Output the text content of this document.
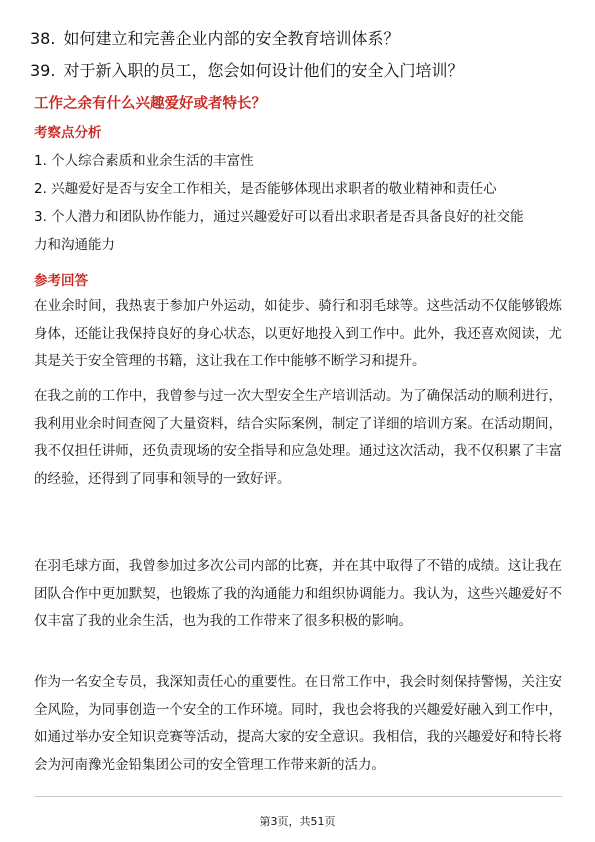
38. 如何建立和完善企业内部的安全教育培训体系？
39. 对于新入职的员工，您会如何设计他们的安全入门培训？
工作之余有什么兴趣爱好或者特长？
考察点分析
1. 个人综合素质和业余生活的丰富性
2. 兴趣爱好是否与安全工作相关，是否能够体现出求职者的敬业精神和责任心
3. 个人潜力和团队协作能力，通过兴趣爱好可以看出求职者是否具备良好的社交能
力和沟通能力
参考回答

在业余时间，我热衷于参加户外运动，如徒步、骑行和羽毛球等。这些活动不仅能够锻炼身体，还能让我保持良好的身心状态，以更好地投入到工作中。此外，我还喜欢阅读，尤其是关于安全管理的书籍，这让我在工作中能够不断学习和提升。

在我之前的工作中，我曾参与过一次大型安全生产培训活动。为了确保活动的顺利进行，我利用业余时间查阅了大量资料，结合实际案例，制定了详细的培训方案。在活动期间，我不仅担任讲师，还负责现场的安全指导和应急处理。通过这次活动，我不仅积累了丰富的经验，还得到了同事和领导的一致好评。

在羽毛球方面，我曾参加过多次公司内部的比赛，并在其中取得了不错的成绩。这让我在团队合作中更加默契，也锻炼了我的沟通能力和组织协调能力。我认为，这些兴趣爱好不仅丰富了我的业余生活，也为我的工作带来了很多积极的影响。

作为一名安全专员，我深知责任心的重要性。在日常工作中，我会时刻保持警惕，关注安全风险，为同事创造一个安全的工作环境。同时，我也会将我的兴趣爱好融入到工作中，如通过举办安全知识竞赛等活动，提高大家的安全意识。我相信，我的兴趣爱好和特长将会为河南豫光金铅集团公司的安全管理工作带来新的活力。

第3页，共51页
